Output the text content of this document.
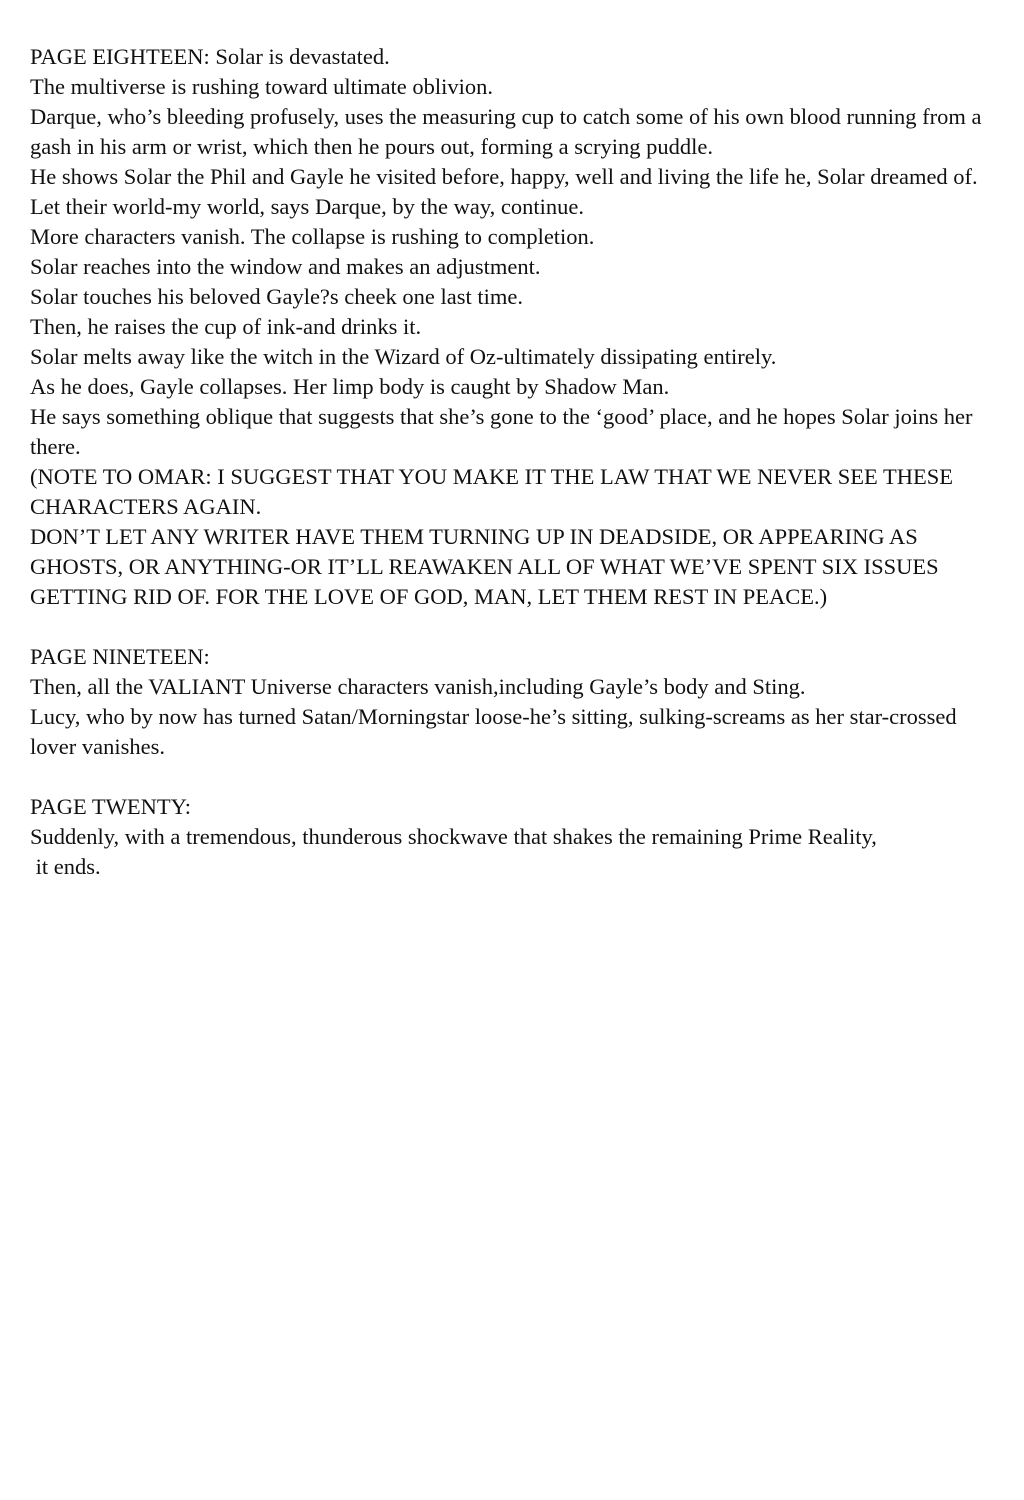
PAGE EIGHTEEN: Solar is devastated.

The multiverse is rushing toward ultimate oblivion.

Darque, who’s bleeding profusely, uses the measuring cup to catch some of his own blood running from a gash in his arm or wrist, which then he pours out, forming a scrying puddle.

He shows Solar the Phil and Gayle he visited before, happy, well and living the life he, Solar dreamed of.

Let their world-my world, says Darque, by the way, continue.

More characters vanish. The collapse is rushing to completion.

Solar reaches into the window and makes an adjustment.

Solar touches his beloved Gayle?s cheek one last time.

Then, he raises the cup of ink-and drinks it.

Solar melts away like the witch in the Wizard of Oz-ultimately dissipating entirely.

As he does, Gayle collapses. Her limp body is caught by Shadow Man.

He says something oblique that suggests that she’s gone to the ‘good’ place, and he hopes Solar joins her there.

(NOTE TO OMAR: I SUGGEST THAT YOU MAKE IT THE LAW THAT WE NEVER SEE THESE CHARACTERS AGAIN.

DON’T LET ANY WRITER HAVE THEM TURNING UP IN DEADSIDE, OR APPEARING AS GHOSTS, OR ANYTHING-OR IT’LL REAWAKEN ALL OF WHAT WE’VE SPENT SIX ISSUES GETTING RID OF. FOR THE LOVE OF GOD, MAN, LET THEM REST IN PEACE.)

PAGE NINETEEN:

Then, all the VALIANT Universe characters vanish,including Gayle’s body and Sting.

Lucy, who by now has turned Satan/Morningstar loose-he’s sitting, sulking-screams as her star-crossed lover vanishes.

PAGE TWENTY:

Suddenly, with a tremendous, thunderous shockwave that shakes the remaining Prime Reality,

it ends.
